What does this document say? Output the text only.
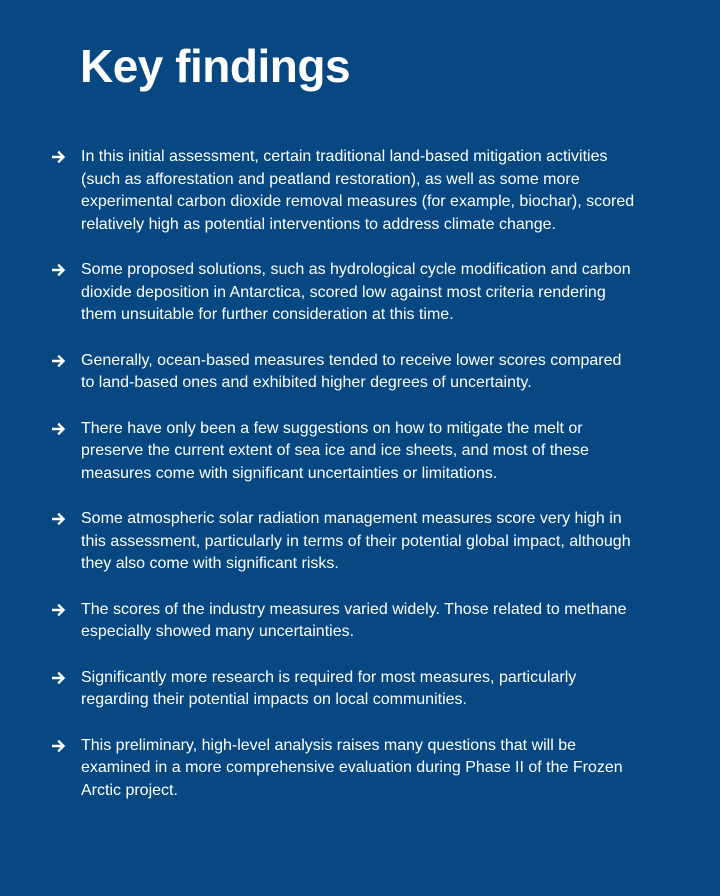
Key findings
In this initial assessment, certain traditional land-based mitigation activities (such as afforestation and peatland restoration), as well as some more experimental carbon dioxide removal measures (for example, biochar), scored relatively high as potential interventions to address climate change.
Some proposed solutions, such as hydrological cycle modification and carbon dioxide deposition in Antarctica, scored low against most criteria rendering them unsuitable for further consideration at this time.
Generally, ocean-based measures tended to receive lower scores compared to land-based ones and exhibited higher degrees of uncertainty.
There have only been a few suggestions on how to mitigate the melt or preserve the current extent of sea ice and ice sheets, and most of these measures come with significant uncertainties or limitations.
Some atmospheric solar radiation management measures score very high in this assessment, particularly in terms of their potential global impact, although they also come with significant risks.
The scores of the industry measures varied widely. Those related to methane especially showed many uncertainties.
Significantly more research is required for most measures, particularly regarding their potential impacts on local communities.
This preliminary, high-level analysis raises many questions that will be examined in a more comprehensive evaluation during Phase II of the Frozen Arctic project.
